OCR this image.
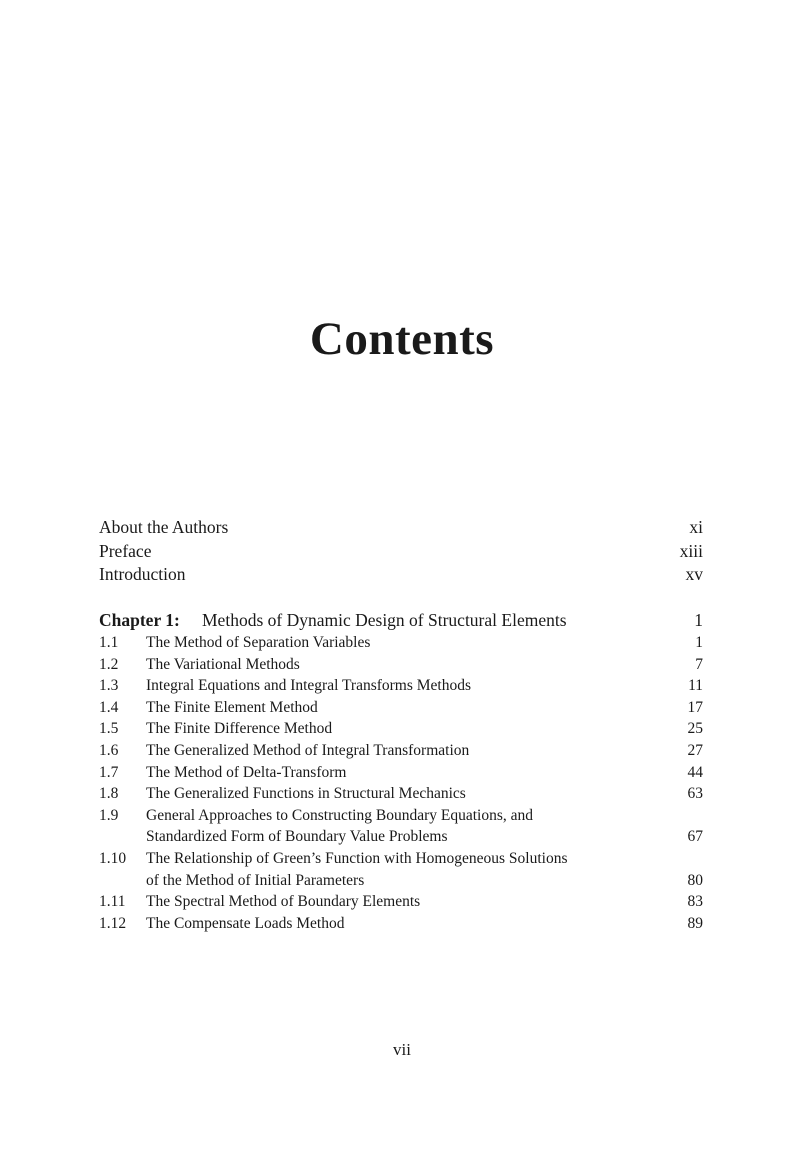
Contents
About the Authors	xi
Preface	xiii
Introduction	xv
Chapter 1:	Methods of Dynamic Design of Structural Elements	1
1.1	The Method of Separation Variables	1
1.2	The Variational Methods	7
1.3	Integral Equations and Integral Transforms Methods	11
1.4	The Finite Element Method	17
1.5	The Finite Difference Method	25
1.6	The Generalized Method of Integral Transformation	27
1.7	The Method of Delta-Transform	44
1.8	The Generalized Functions in Structural Mechanics	63
1.9	General Approaches to Constructing Boundary Equations, and
Standardized Form of Boundary Value Problems	67
1.10	The Relationship of Green’s Function with Homogeneous Solutions
of the Method of Initial Parameters	80
1.11	The Spectral Method of Boundary Elements	83
1.12	The Compensate Loads Method	89
vii
